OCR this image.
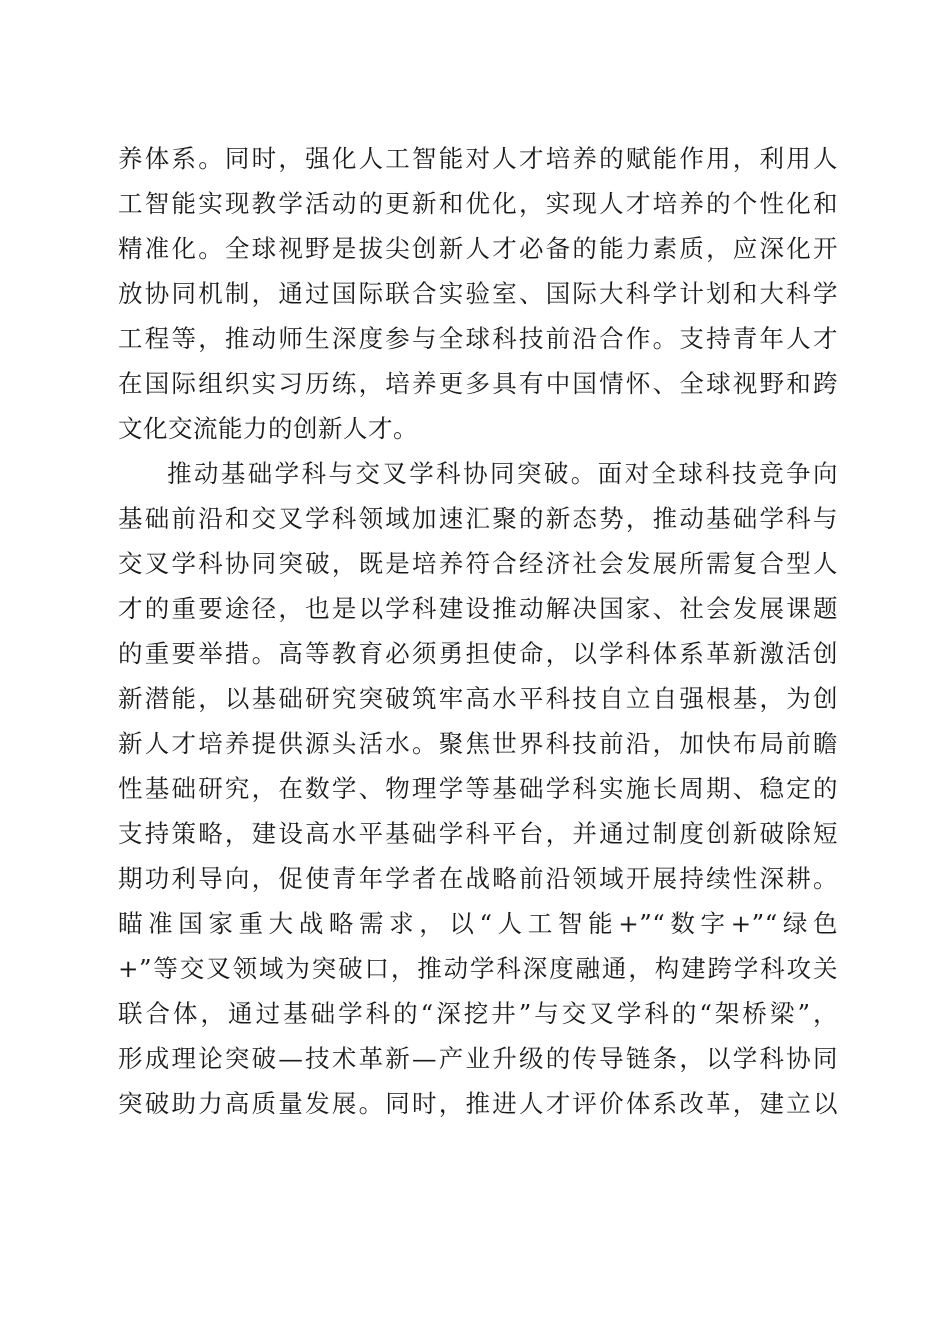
养体系。同时，强化人工智能对人才培养的赋能作用，利用人
工智能实现教学活动的更新和优化，实现人才培养的个性化和
精准化。全球视野是拔尖创新人才必备的能力素质，应深化开
放协同机制，通过国际联合实验室、国际大科学计划和大科学
工程等，推动师生深度参与全球科技前沿合作。支持青年人才
在国际组织实习历练，培养更多具有中国情怀、全球视野和跨
文化交流能力的创新人才。
推动基础学科与交叉学科协同突破。面对全球科技竞争向
基础前沿和交叉学科领域加速汇聚的新态势，推动基础学科与
交叉学科协同突破，既是培养符合经济社会发展所需复合型人
才的重要途径，也是以学科建设推动解决国家、社会发展课题
的重要举措。高等教育必须勇担使命，以学科体系革新激活创
新潜能，以基础研究突破筑牢高水平科技自立自强根基，为创
新人才培养提供源头活水。聚焦世界科技前沿，加快布局前瞻
性基础研究，在数学、物理学等基础学科实施长周期、稳定的
支持策略，建设高水平基础学科平台，并通过制度创新破除短
期功利导向，促使青年学者在战略前沿领域开展持续性深耕。
瞄准国家重大战略需求，以“人工智能+”“数字+”“绿色
+”等交叉领域为突破口，推动学科深度融通，构建跨学科攻关
联合体，通过基础学科的“深挖井”与交叉学科的“架桥梁”，
形成理论突破—技术革新—产业升级的传导链条，以学科协同
突破助力高质量发展。同时，推进人才评价体系改革，建立以
